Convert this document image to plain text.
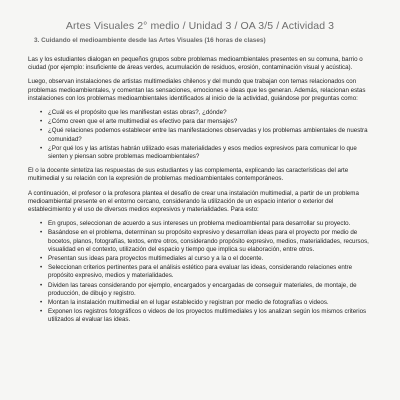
Artes Visuales 2° medio / Unidad 3 / OA 3/5 / Actividad 3
3. Cuidando el medioambiente desde las Artes Visuales (16 horas de clases)

Las y los estudiantes dialogan en pequeños grupos sobre problemas medioambientales presentes en su comuna, barrio o ciudad (por ejemplo: insuficiente de áreas verdes, acumulación de residuos, erosión, contaminación visual y acústica).

Luego, observan instalaciones de artistas multimediales chilenos y del mundo que trabajan con temas relacionados con problemas medioambientales, y comentan las sensaciones, emociones e ideas que les generan. Además, relacionan estas instalaciones con los problemas medioambientales identificados al inicio de la actividad, guiándose por preguntas como:

• ¿Cuál es el propósito que les manifiestan estas obras?, ¿dónde?
• ¿Cómo creen que el arte multimedial es efectivo para dar mensajes?
• ¿Qué relaciones podemos establecer entre las manifestaciones observadas y los problemas ambientales de nuestra comunidad?
• ¿Por qué los y las artistas habrán utilizado esas materialidades y esos medios expresivos para comunicar lo que sienten y piensan sobre problemas medioambientales?

El o la docente sintetiza las respuestas de sus estudiantes y las complementa, explicando las características del arte multimedial y su relación con la expresión de problemas medioambientales contemporáneos.

A continuación, el profesor o la profesora plantea el desafío de crear una instalación multimedial, a partir de un problema medioambiental presente en el entorno cercano, considerando la utilización de un espacio interior o exterior del establecimiento y el uso de diversos medios expresivos y materialidades. Para esto:

• En grupos, seleccionan de acuerdo a sus intereses un problema medioambiental para desarrollar su proyecto.
• Basándose en el problema, determinan su propósito expresivo y desarrollan ideas para el proyecto por medio de bocetos, planos, fotografías, textos, entre otros, considerando propósito expresivo, medios, materialidades, recursos, visualidad en el contexto, utilización del espacio y tiempo que implica su elaboración, entre otros.
• Presentan sus ideas para proyectos multimediales al curso y a la o el docente.
• Seleccionan criterios pertinentes para el análisis estético para evaluar las ideas, considerando relaciones entre propósito expresivo, medios y materialidades.
• Dividen las tareas considerando por ejemplo, encargados y encargadas de conseguir materiales, de montaje, de producción, de dibujo y registro.
• Montan la instalación multimedial en el lugar establecido y registran por medio de fotografías o videos.
• Exponen los registros fotográficos o videos de los proyectos multimediales y los analizan según los mismos criterios utilizados al evaluar las ideas.
